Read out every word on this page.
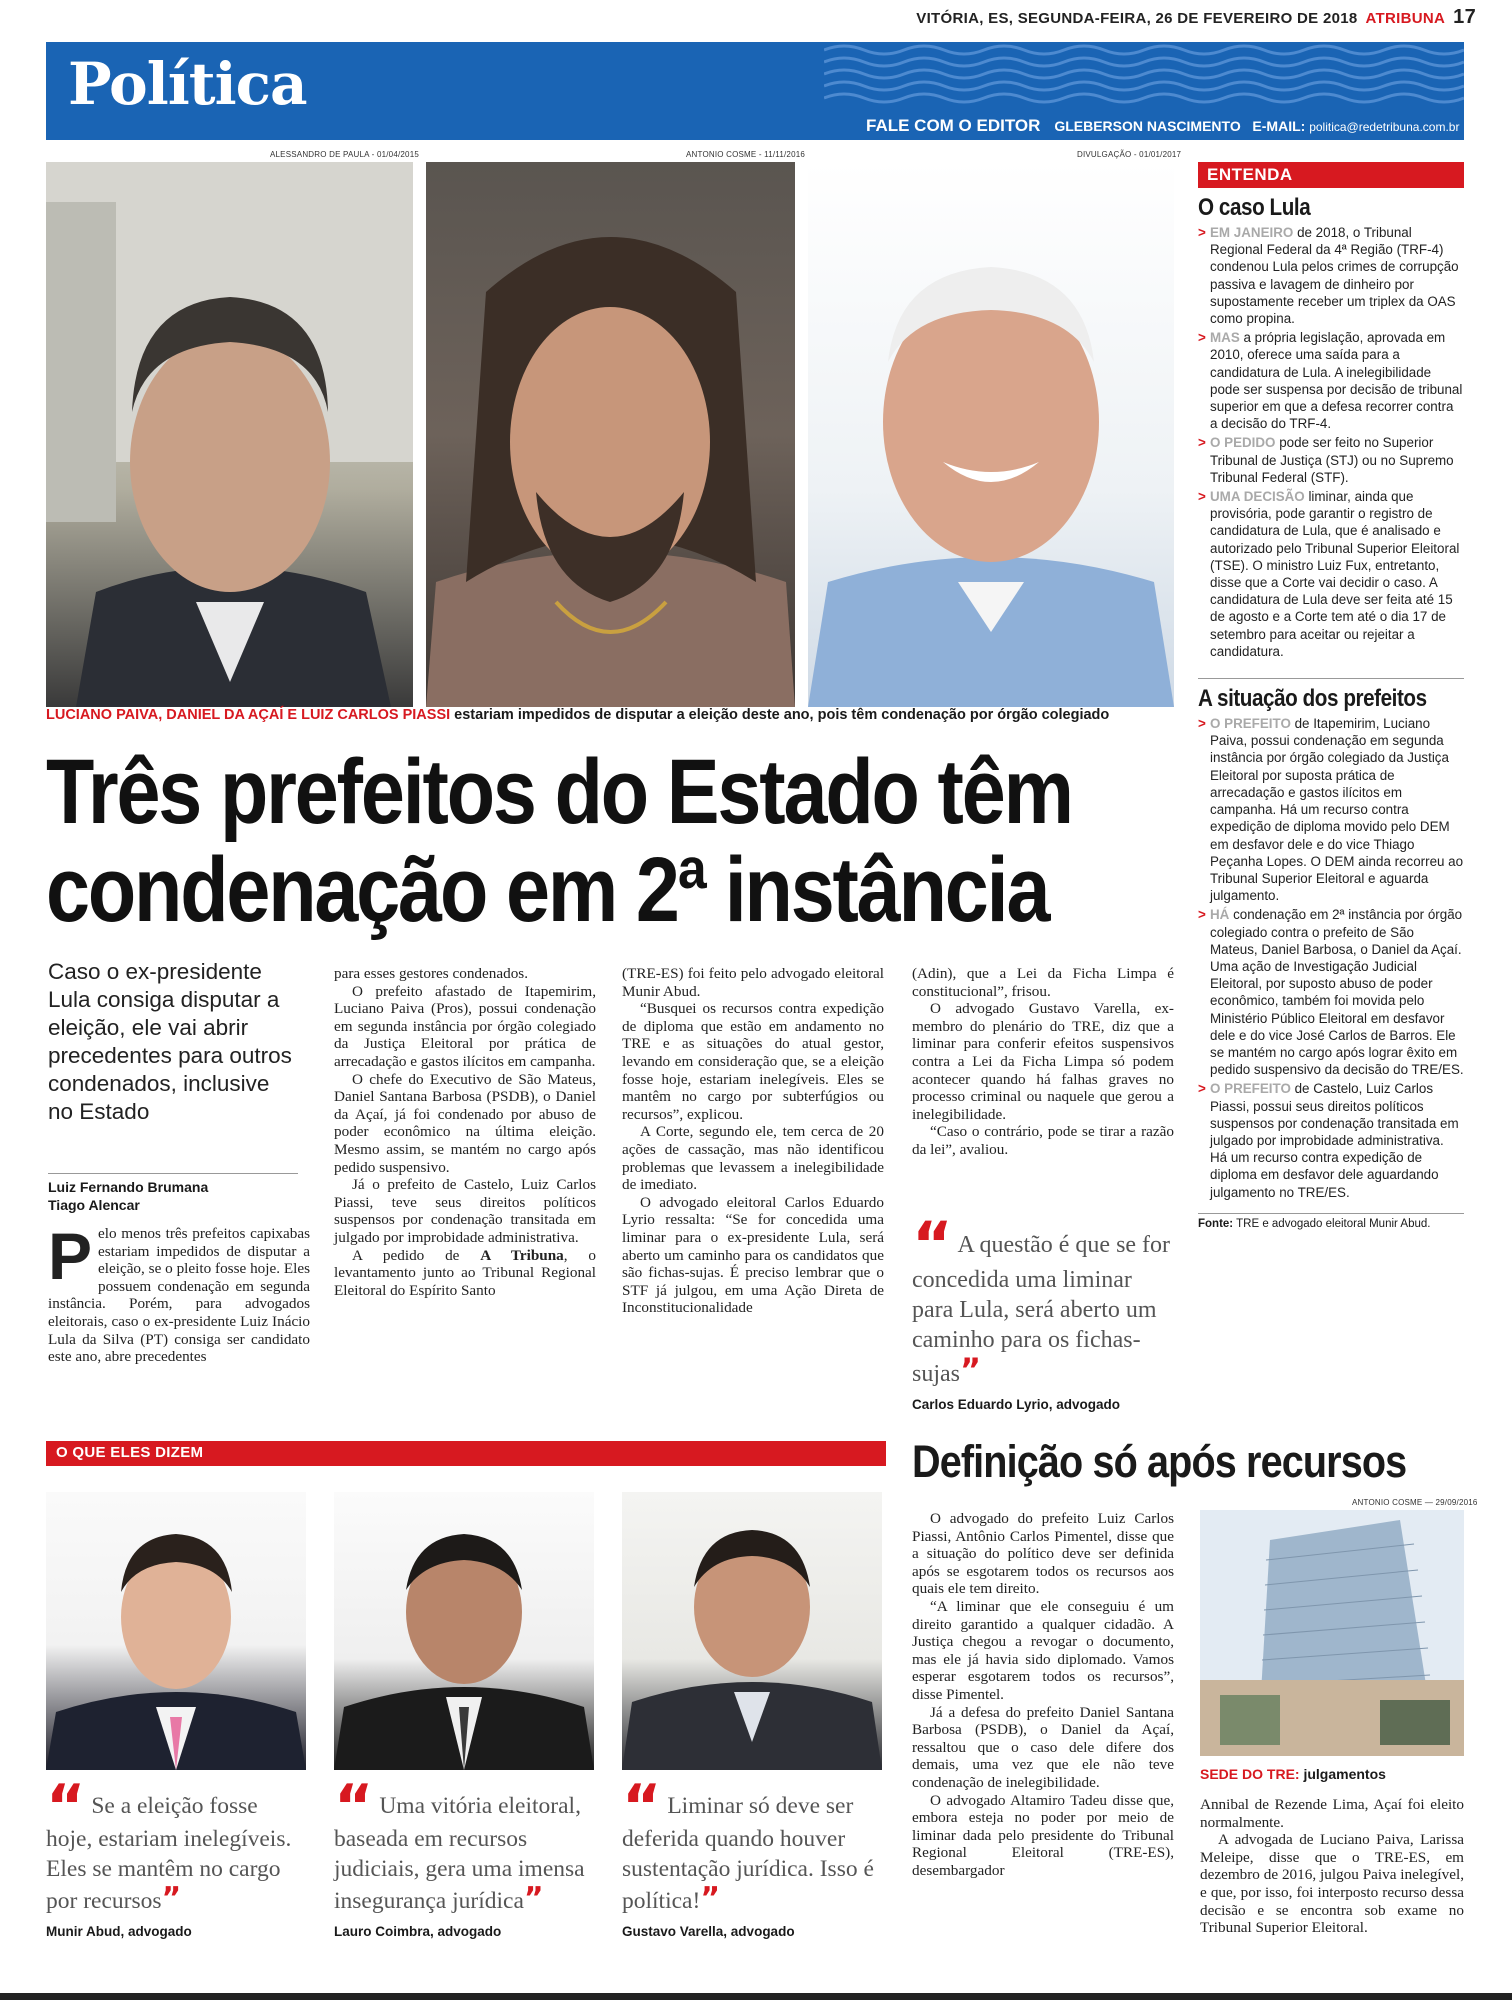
VITÓRIA, ES, SEGUNDA-FEIRA, 26 DE FEVEREIRO DE 2018 ATRIBUNA 17
Política
FALE COM O EDITOR GLEBERSON NASCIMENTO E-MAIL: politica@redetribuna.com.br
ALESSANDRO DE PAULA - 01/04/2015	ANTONIO COSME - 11/11/2016	DIVULGAÇÃO - 01/01/2017
LUCIANO PAIVA, DANIEL DA AÇAÍ E LUIZ CARLOS PIASSI estariam impedidos de disputar a eleição deste ano, pois têm condenação por órgão colegiado
Três prefeitos do Estado têm
condenação em 2ª instância
Caso o ex-presidente Lula consiga disputar a eleição, ele vai abrir precedentes para outros condenados, inclusive no Estado
Luiz Fernando Brumana
Tiago Alencar

Pelo menos três prefeitos capixabas estariam impedidos de disputar a eleição, se o pleito fosse hoje. Eles possuem condenação em segunda instância. Porém, para advogados eleitorais, caso o ex-presidente Luiz Inácio Lula da Silva (PT) consiga ser candidato este ano, abre precedentes

para esses gestores condenados.

O prefeito afastado de Itapemirim, Luciano Paiva (Pros), possui condenação em segunda instância por órgão colegiado da Justiça Eleitoral por prática de arrecadação e gastos ilícitos em campanha.

O chefe do Executivo de São Mateus, Daniel Santana Barbosa (PSDB), o Daniel da Açaí, já foi condenado por abuso de poder econômico na última eleição. Mesmo assim, se mantém no cargo após pedido suspensivo.

Já o prefeito de Castelo, Luiz Carlos Piassi, teve seus direitos políticos suspensos por condenação transitada em julgado por improbidade administrativa.

A pedido de A Tribuna, o levantamento junto ao Tribunal Regional Eleitoral do Espírito Santo

(TRE-ES) foi feito pelo advogado eleitoral Munir Abud.

“Busquei os recursos contra expedição de diploma que estão em andamento no TRE e as situações do atual gestor, levando em consideração que, se a eleição fosse hoje, estariam inelegíveis. Eles se mantêm no cargo por subterfúgios ou recursos”, explicou.

A Corte, segundo ele, tem cerca de 20 ações de cassação, mas não identificou problemas que levassem a inelegibilidade de imediato.

O advogado eleitoral Carlos Eduardo Lyrio ressalta: “Se for concedida uma liminar para o ex-presidente Lula, será aberto um caminho para os candidatos que são fichas-sujas. É preciso lembrar que o STF já julgou, em uma Ação Direta de Inconstitucionalidade

(Adin), que a Lei da Ficha Limpa é constitucional”, frisou.

O advogado Gustavo Varella, ex-membro do plenário do TRE, diz que a liminar para conferir efeitos suspensivos contra a Lei da Ficha Limpa só podem acontecer quando há falhas graves no processo criminal ou naquele que gerou a inelegibilidade.

“Caso o contrário, pode se tirar a razão da lei”, avaliou.

“ A questão é que se for concedida uma liminar para Lula, será aberto um caminho para os fichas-sujas”
Carlos Eduardo Lyrio, advogado
ENTENDA
O caso Lula
> EM JANEIRO de 2018, o Tribunal Regional Federal da 4ª Região (TRF-4) condenou Lula pelos crimes de corrupção passiva e lavagem de dinheiro por supostamente receber um triplex da OAS como propina.
> MAS a própria legislação, aprovada em 2010, oferece uma saída para a candidatura de Lula. A inelegibilidade pode ser suspensa por decisão de tribunal superior em que a defesa recorrer contra a decisão do TRF-4.
> O PEDIDO pode ser feito no Superior Tribunal de Justiça (STJ) ou no Supremo Tribunal Federal (STF).
> UMA DECISÃO liminar, ainda que provisória, pode garantir o registro de candidatura de Lula, que é analisado e autorizado pelo Tribunal Superior Eleitoral (TSE). O ministro Luiz Fux, entretanto, disse que a Corte vai decidir o caso. A candidatura de Lula deve ser feita até 15 de agosto e a Corte tem até o dia 17 de setembro para aceitar ou rejeitar a candidatura.
A situação dos prefeitos
> O PREFEITO de Itapemirim, Luciano Paiva, possui condenação em segunda instância por órgão colegiado da Justiça Eleitoral por suposta prática de arrecadação e gastos ilícitos em campanha. Há um recurso contra expedição de diploma movido pelo DEM em desfavor dele e do vice Thiago Peçanha Lopes. O DEM ainda recorreu ao Tribunal Superior Eleitoral e aguarda julgamento.
> HÁ condenação em 2ª instância por órgão colegiado contra o prefeito de São Mateus, Daniel Barbosa, o Daniel da Açaí. Uma ação de Investigação Judicial Eleitoral, por suposto abuso de poder econômico, também foi movida pelo Ministério Público Eleitoral em desfavor dele e do vice José Carlos de Barros. Ele se mantém no cargo após lograr êxito em pedido suspensivo da decisão do TRE/ES.
> O PREFEITO de Castelo, Luiz Carlos Piassi, possui seus direitos políticos suspensos por condenação transitada em julgado por improbidade administrativa. Há um recurso contra expedição de diploma em desfavor dele aguardando julgamento no TRE/ES.
Fonte: TRE e advogado eleitoral Munir Abud.
O QUE ELES DIZEM
“ Se a eleição fosse hoje, estariam inelegíveis. Eles se mantêm no cargo por recursos”
Munir Abud, advogado
“ Uma vitória eleitoral, baseada em recursos judiciais, gera uma imensa insegurança jurídica”
Lauro Coimbra, advogado
“ Liminar só deve ser deferida quando houver sustentação jurídica. Isso é política!”
Gustavo Varella, advogado
Definição só após recursos

O advogado do prefeito Luiz Carlos Piassi, Antônio Carlos Pimentel, disse que a situação do político deve ser definida após se esgotarem todos os recursos aos quais ele tem direito.

“A liminar que ele conseguiu é um direito garantido a qualquer cidadão. A Justiça chegou a revogar o documento, mas ele já havia sido diplomado. Vamos esperar esgotarem todos os recursos”, disse Pimentel.

Já a defesa do prefeito Daniel Santana Barbosa (PSDB), o Daniel da Açaí, ressaltou que o caso dele difere dos demais, uma vez que ele não teve condenação de inelegibilidade.

O advogado Altamiro Tadeu disse que, embora esteja no poder por meio de liminar dada pelo presidente do Tribunal Regional Eleitoral (TRE-ES), desembargador

ANTONIO COSME — 29/09/2016
SEDE DO TRE: julgamentos

Annibal de Rezende Lima, Açaí foi eleito normalmente.

A advogada de Luciano Paiva, Larissa Meleipe, disse que o TRE-ES, em dezembro de 2016, julgou Paiva inelegível, e que, por isso, foi interposto recurso dessa decisão e se encontra sob exame no Tribunal Superior Eleitoral.
